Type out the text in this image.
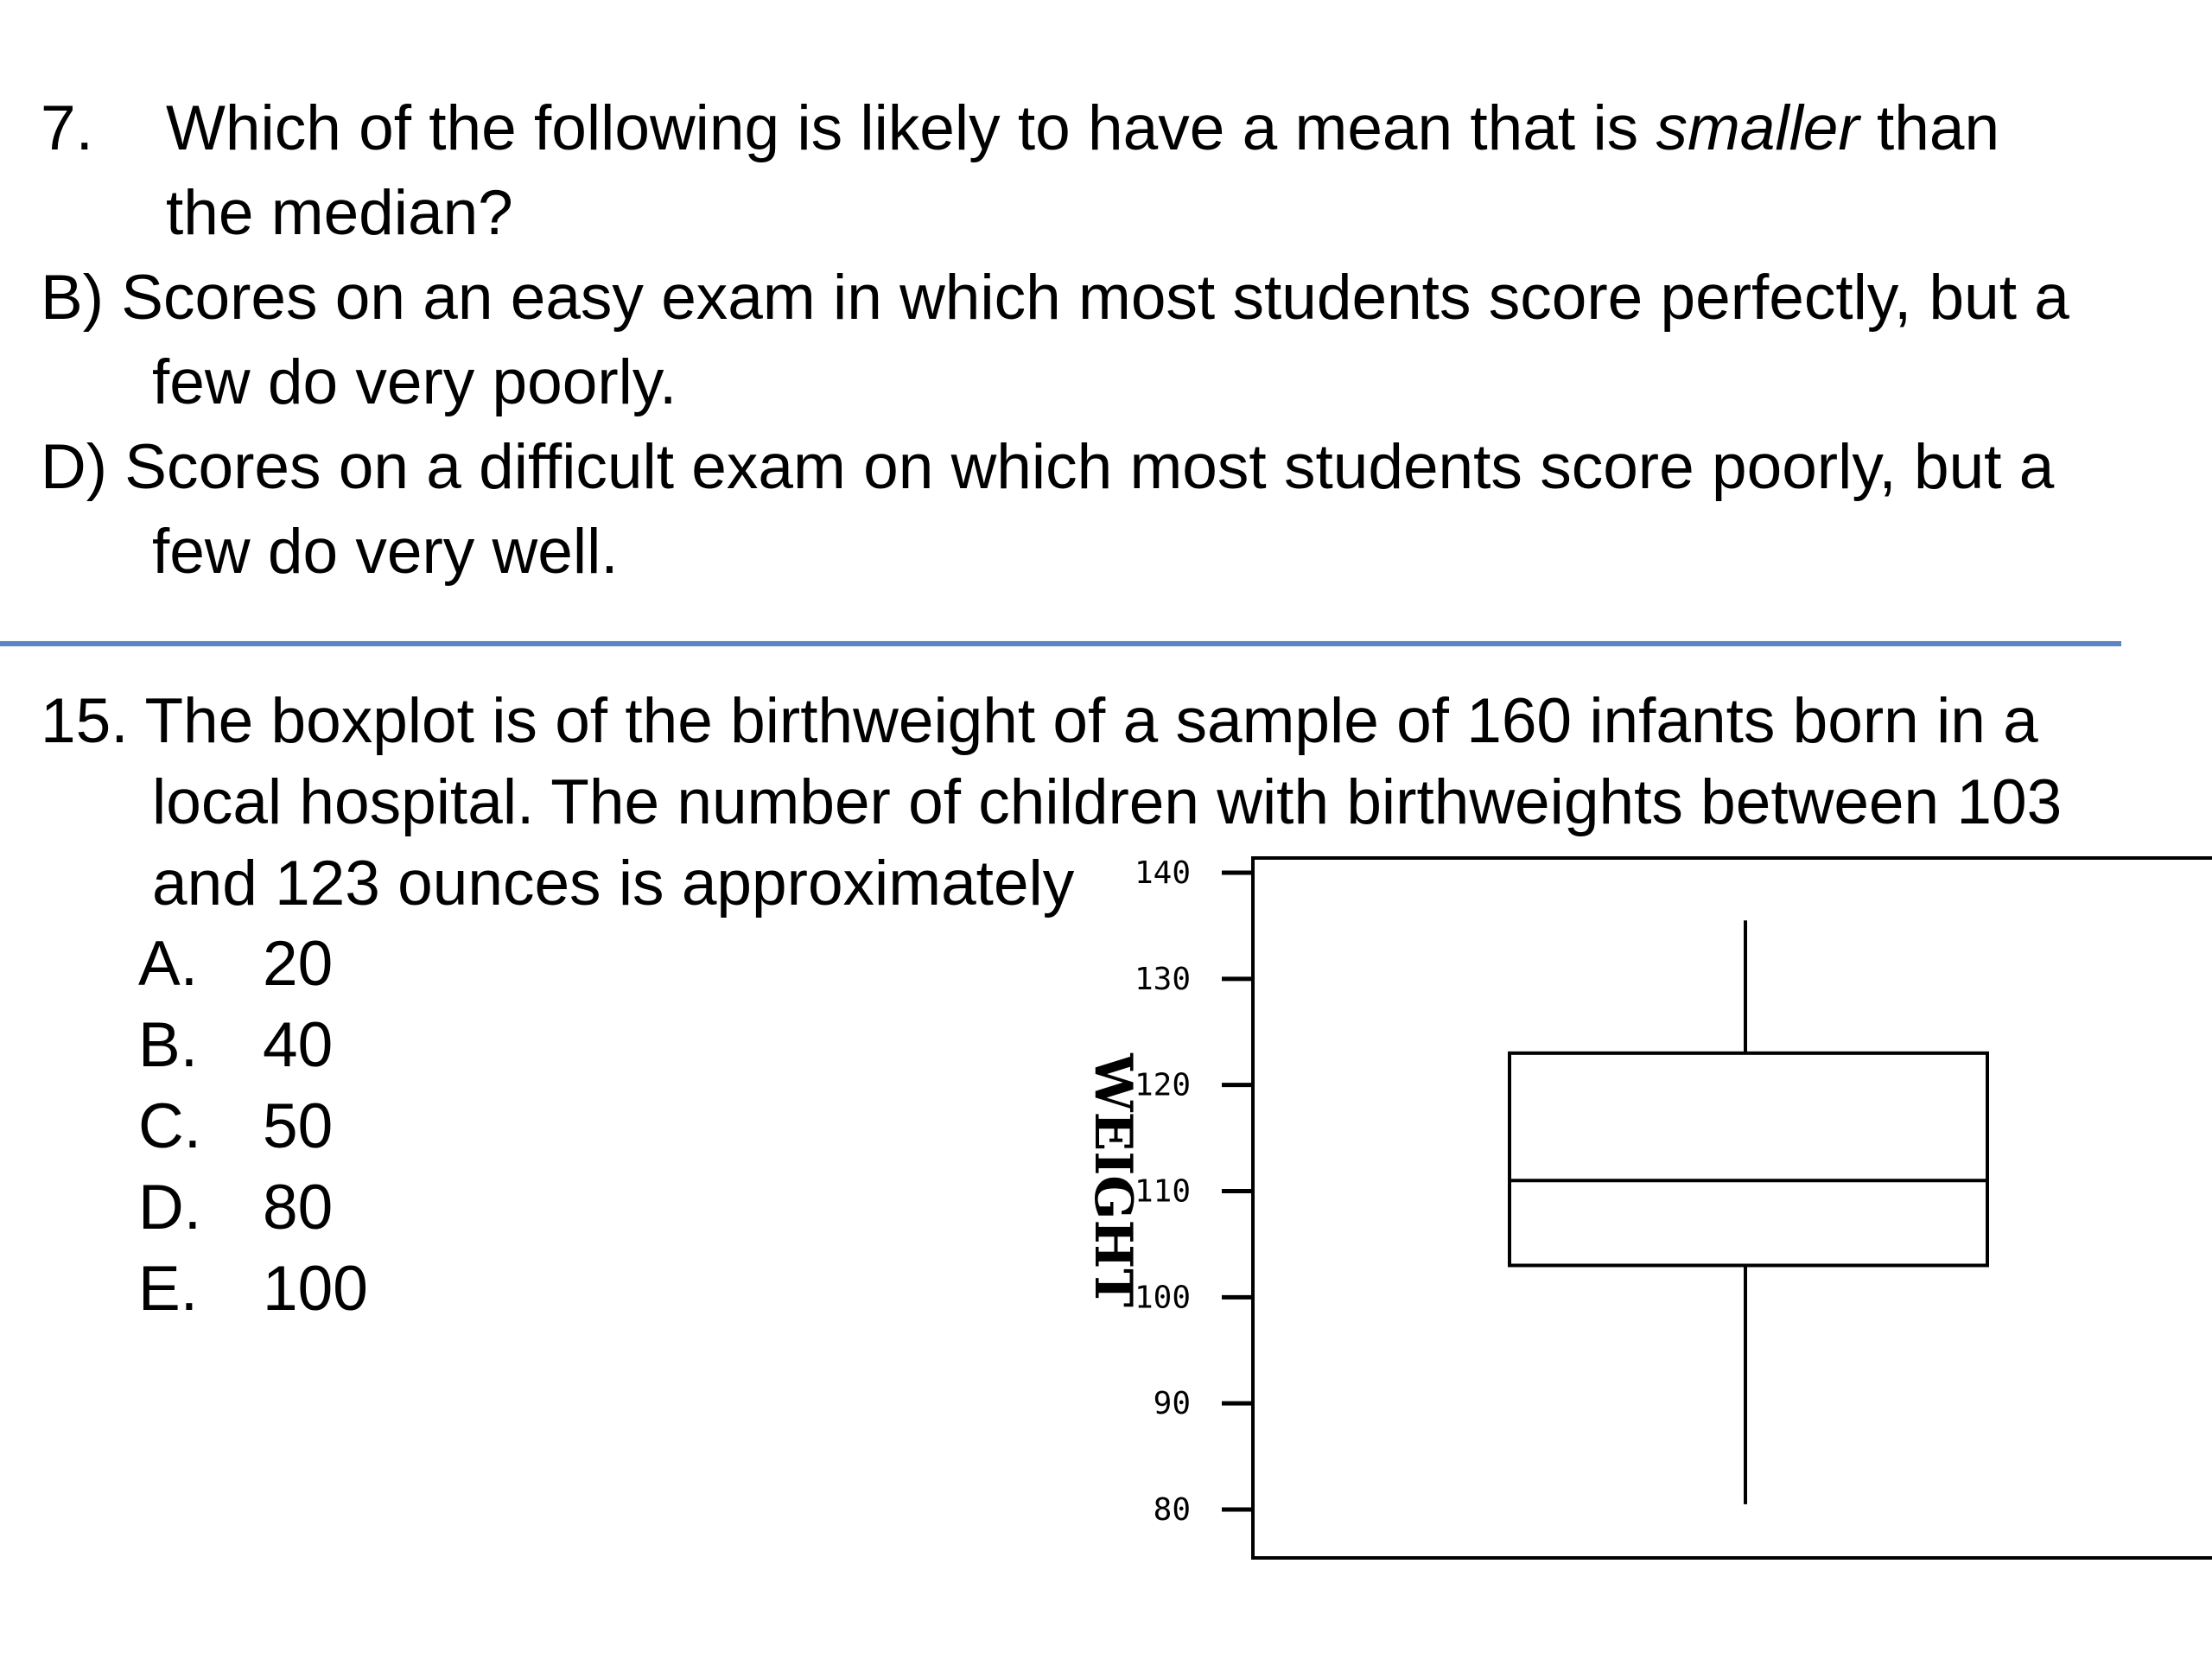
7. Which of the following is likely to have a mean that is smaller than
the median?
B) Scores on an easy exam in which most students score perfectly, but a
few do very poorly.
D) Scores on a difficult exam on which most students score poorly, but a
few do very well.
15. The boxplot is of the birthweight of a sample of 160 infants born in a
local hospital. The number of children with birthweights between 103
and 123 ounces is approximately
A. 20
B. 40
C. 50
D. 80
E. 100
140
130
120
110
100
90
80
WEIGHT
